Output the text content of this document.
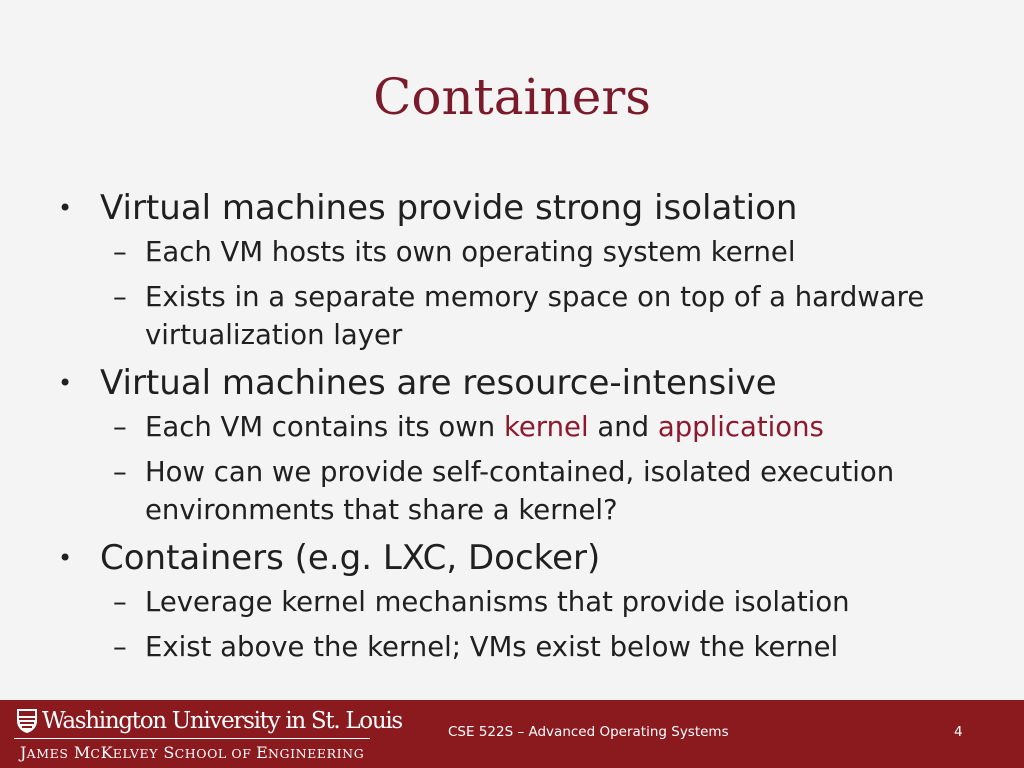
Containers
• Virtual machines provide strong isolation
– Each VM hosts its own operating system kernel
– Exists in a separate memory space on top of a hardware virtualization layer
• Virtual machines are resource-intensive
– Each VM contains its own kernel and applications
– How can we provide self-contained, isolated execution environments that share a kernel?
• Containers (e.g. LXC, Docker)
– Leverage kernel mechanisms that provide isolation
– Exist above the kernel; VMs exist below the kernel
Washington University in St. Louis
JAMES MCKELVEY SCHOOL OF ENGINEERING
CSE 522S – Advanced Operating Systems	4
